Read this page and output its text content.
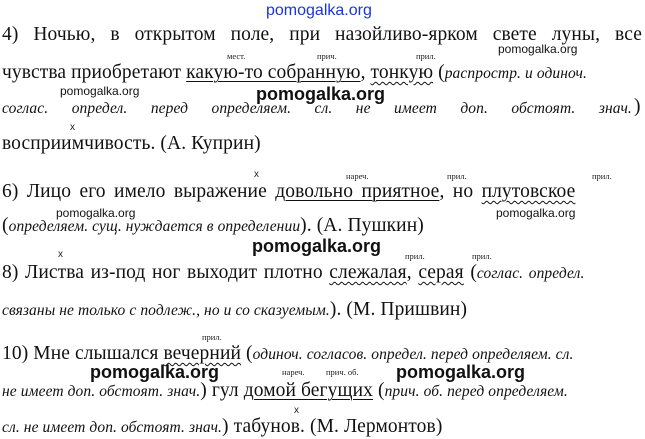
pomogalka.org
4) Ночью, в открытом поле, при назойливо-ярком свете луны, все
мест.	прич.	прил.	pomogalka.org
чувства приобретают какую-то собранную, тонкую (распростр. и одиноч.
pomogalka.org	pomogalka.org
соглас. определ. перед определяем. сл. не имеет доп. обстоят. знач. )
x
восприимчивость. (А. Куприн)
x	нареч.	прил.	прил.
6) Лицо его имело выражение довольно приятное, но плутовское
pomogalka.org	pomogalka.org
(определяем. сущ. нуждается в определении). (А. Пушкин)
pomogalka.org
x	прил.	прил.
8) Листва из-под ног выходит плотно слежалая, серая (соглас. определ.
связаны не только с подлеж., но и со сказуемым.). (М. Пришвин)
прил.
10) Мне слышался вечерний (одиноч. согласов. определ. перед определяем. сл.
pomogalka.org	нареч.	прич. об. pomogalka.org
не имеет доп. обстоят. знач.) гул домой бегущих (прич. об. перед определяем.
x
сл. не имеет доп. обстоят. знач.) табунов. (М. Лермонтов)
